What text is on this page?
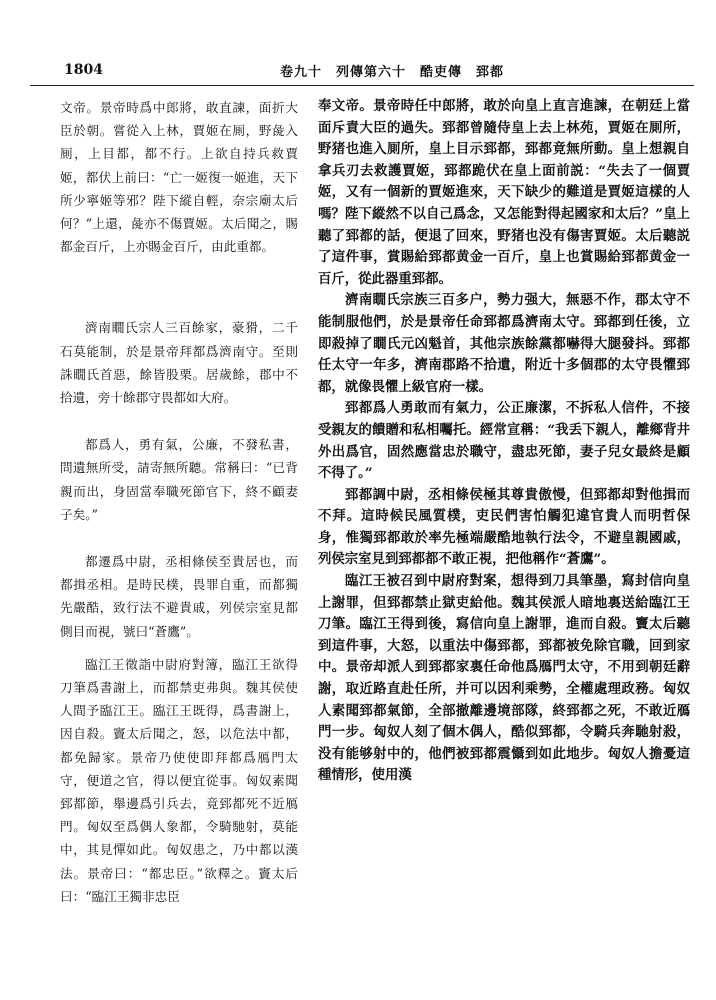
1804	卷九十　列傳第六十　酷吏傳　郅都

文帝。景帝時爲中郎將，敢直諫，面折大臣於朝。嘗從入上林，賈姬在厠，野彘入厠，上目都，都不行。上欲自持兵救賈姬，都伏上前曰：“亡一姬復一姬進，天下所少寧姬等邪？陛下縱自輕，奈宗廟太后何？”上還，彘亦不傷賈姬。太后聞之，賜都金百斤，上亦賜金百斤，由此重都。

濟南瞯氏宗人三百餘家，豪猾，二千石莫能制，於是景帝拜都爲濟南守。至則誅瞯氏首惡，餘皆股栗。居歲餘，郡中不拾遺，旁十餘郡守畏都如大府。

都爲人，勇有氣，公廉，不發私書，問遺無所受，請寄無所聽。常稱曰：“已背親而出，身固當奉職死節官下，終不顧妻子矣。”

都遷爲中尉，丞相條侯至貴居也，而都揖丞相。是時民樸，畏罪自重，而都獨先嚴酷，致行法不避貴戚，列侯宗室見都側目而視，號曰“蒼鷹”。

臨江王徵詣中尉府對簿，臨江王欲得刀筆爲書謝上，而都禁吏弗與。魏其侯使人間予臨江王。臨江王既得，爲書謝上，因自殺。竇太后聞之，怒，以危法中都，都免歸家。景帝乃使使即拜都爲鴈門太守，便道之官，得以便宜從事。匈奴素聞郅都節，舉邊爲引兵去，竟郅都死不近鴈門。匈奴至爲偶人象都，令騎馳射，莫能中，其見憚如此。匈奴患之，乃中都以漢法。景帝曰：“都忠臣。”欲釋之。竇太后曰：“臨江王獨非忠臣

奉文帝。景帝時任中郎將，敢於向皇上直言進諫，在朝廷上當面斥責大臣的過失。郅都曾隨侍皇上去上林苑，賈姬在厠所，野猪也進入厠所，皇上目示郅都，郅都竟無所動。皇上想親自拿兵刃去救護賈姬，郅都跪伏在皇上面前説：“失去了一個賈姬，又有一個新的賈姬進來，天下缺少的難道是賈姬這樣的人嗎？陛下縱然不以自己爲念，又怎能對得起國家和太后？”皇上聽了郅都的話，便退了回來，野猪也没有傷害賈姬。太后聽説了這件事，賞賜給郅都黄金一百斤，皇上也賞賜給郅都黄金一百斤，從此器重郅都。

濟南瞯氏宗族三百多户，勢力强大，無惡不作，郡太守不能制服他們，於是景帝任命郅都爲濟南太守。郅都到任後，立即殺掉了瞯氏元凶魁首，其他宗族餘黨都嚇得大腿發抖。郅都任太守一年多，濟南郡路不拾遺，附近十多個郡的太守畏懼郅都，就像畏懼上級官府一樣。

郅都爲人勇敢而有氣力，公正廉潔，不拆私人信件，不接受親友的饋贈和私相囑托。經常宣稱：“我丢下親人，離鄉背井外出爲官，固然應當忠於職守，盡忠死節，妻子兒女最終是顧不得了。”

郅都調中尉，丞相條侯極其尊貴傲慢，但郅都却對他揖而不拜。這時候民風質樸，吏民們害怕觸犯違官貴人而明哲保身，惟獨郅都敢於率先極端嚴酷地執行法令，不避皇親國戚，列侯宗室見到郅都都不敢正視，把他稱作“蒼鷹”。

臨江王被召到中尉府對案，想得到刀具筆墨，寫封信向皇上謝罪，但郅都禁止獄吏給他。魏其侯派人暗地裏送給臨江王刀筆。臨江王得到後，寫信向皇上謝罪，進而自殺。竇太后聽到這件事，大怒，以重法中傷郅都，郅都被免除官職，回到家中。景帝却派人到郅都家裏任命他爲鴈門太守，不用到朝廷辭謝，取近路直赴任所，并可以因利乘勢，全權處理政務。匈奴人素聞郅都氣節，全部撤離邊境部隊，終郅都之死，不敢近鴈門一步。匈奴人刻了個木偶人，酷似郅都，令騎兵奔馳射殺，没有能够射中的，他們被郅都震懾到如此地步。匈奴人擔憂這種情形，使用漢
